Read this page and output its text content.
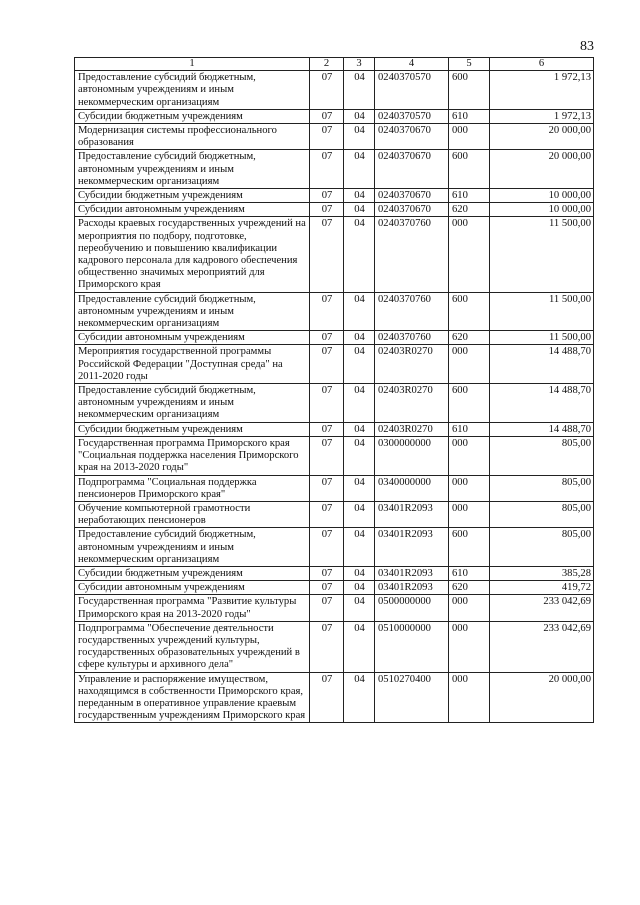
83
1	2	3	4	5	6
Предоставление субсидий бюджетным, автономным учреждениям и иным некоммерческим организациям	07	04	0240370570	600	1 972,13
Субсидии бюджетным учреждениям	07	04	0240370570	610	1 972,13
Модернизация системы профессионального образования	07	04	0240370670	000	20 000,00
Предоставление субсидий бюджетным, автономным учреждениям и иным некоммерческим организациям	07	04	0240370670	600	20 000,00
Субсидии бюджетным учреждениям	07	04	0240370670	610	10 000,00
Субсидии автономным учреждениям	07	04	0240370670	620	10 000,00
Расходы краевых государственных учреждений на мероприятия по подбору, подготовке, переобучению и повышению квалификации кадрового персонала для кадрового обеспечения общественно значимых мероприятий для Приморского края	07	04	0240370760	000	11 500,00
Предоставление субсидий бюджетным, автономным учреждениям и иным некоммерческим организациям	07	04	0240370760	600	11 500,00
Субсидии автономным учреждениям	07	04	0240370760	620	11 500,00
Мероприятия государственной программы Российской Федерации "Доступная среда" на 2011-2020 годы	07	04	02403R0270	000	14 488,70
Предоставление субсидий бюджетным, автономным учреждениям и иным некоммерческим организациям	07	04	02403R0270	600	14 488,70
Субсидии бюджетным учреждениям	07	04	02403R0270	610	14 488,70
Государственная программа Приморского края "Социальная поддержка населения Приморского края на 2013-2020 годы"	07	04	0300000000	000	805,00
Подпрограмма "Социальная поддержка пенсионеров Приморского края"	07	04	0340000000	000	805,00
Обучение компьютерной грамотности неработающих пенсионеров	07	04	03401R2093	000	805,00
Предоставление субсидий бюджетным, автономным учреждениям и иным некоммерческим организациям	07	04	03401R2093	600	805,00
Субсидии бюджетным учреждениям	07	04	03401R2093	610	385,28
Субсидии автономным учреждениям	07	04	03401R2093	620	419,72
Государственная программа "Развитие культуры Приморского края на 2013-2020 годы"	07	04	0500000000	000	233 042,69
Подпрограмма "Обеспечение деятельности государственных учреждений культуры, государственных образовательных учреждений в сфере культуры и архивного дела"	07	04	0510000000	000	233 042,69
Управление и распоряжение имуществом, находящимся в собственности Приморского края, переданным в оперативное управление краевым государственным учреждениям Приморского края	07	04	0510270400	000	20 000,00
